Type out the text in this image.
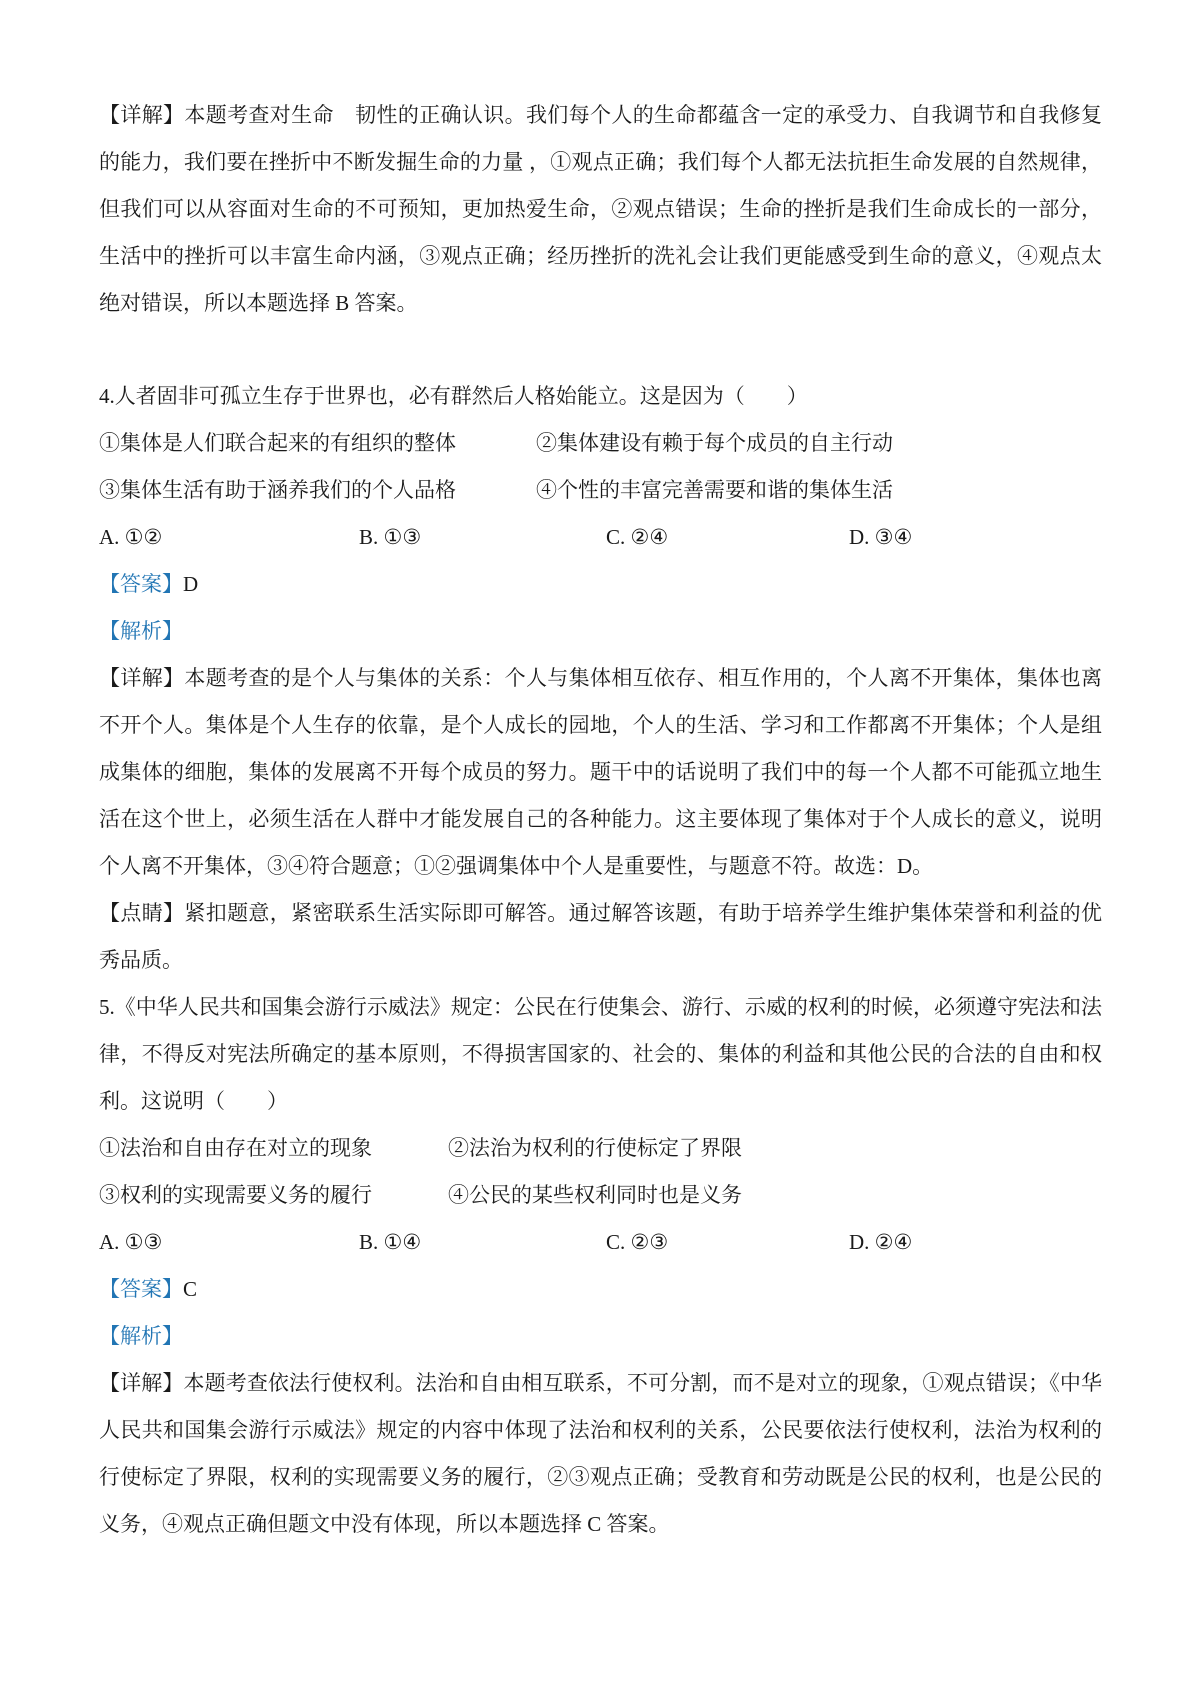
【详解】本题考查对生命　韧性的正确认识。我们每个人的生命都蕴含一定的承受力、自我调节和自我修复的能力，我们要在挫折中不断发掘生命的力量 ，①观点正确；我们每个人都无法抗拒生命发展的自然规律，但我们可以从容面对生命的不可预知，更加热爱生命，②观点错误；生命的挫折是我们生命成长的一部分，生活中的挫折可以丰富生命内涵，③观点正确；经历挫折的洗礼会让我们更能感受到生命的意义，④观点太绝对错误，所以本题选择 B 答案。

4.人者固非可孤立生存于世界也，必有群然后人格始能立。这是因为（　　）

①集体是人们联合起来的有组织的整体	②集体建设有赖于每个成员的自主行动
③集体生活有助于涵养我们的个人品格	④个性的丰富完善需要和谐的集体生活
A. ①②	B. ①③	C. ②④	D. ③④

【答案】D

【解析】

【详解】本题考查的是个人与集体的关系：个人与集体相互依存、相互作用的，个人离不开集体，集体也离不开个人。集体是个人生存的依靠，是个人成长的园地，个人的生活、学习和工作都离不开集体；个人是组成集体的细胞，集体的发展离不开每个成员的努力。题干中的话说明了我们中的每一个人都不可能孤立地生活在这个世上，必须生活在人群中才能发展自己的各种能力。这主要体现了集体对于个人成长的意义，说明个人离不开集体，③④符合题意；①②强调集体中个人是重要性，与题意不符。故选：D。

【点睛】紧扣题意，紧密联系生活实际即可解答。通过解答该题，有助于培养学生维护集体荣誉和利益的优秀品质。

5.《中华人民共和国集会游行示威法》规定：公民在行使集会、游行、示威的权利的时候，必须遵守宪法和法律，不得反对宪法所确定的基本原则，不得损害国家的、社会的、集体的利益和其他公民的合法的自由和权利。这说明（　　）

①法治和自由存在对立的现象	②法治为权利的行使标定了界限
③权利的实现需要义务的履行	④公民的某些权利同时也是义务
A. ①③	B. ①④	C. ②③	D. ②④

【答案】C

【解析】

【详解】本题考查依法行使权利。法治和自由相互联系，不可分割，而不是对立的现象，①观点错误；《中华人民共和国集会游行示威法》规定的内容中体现了法治和权利的关系，公民要依法行使权利，法治为权利的行使标定了界限，权利的实现需要义务的履行，②③观点正确；受教育和劳动既是公民的权利，也是公民的义务，④观点正确但题文中没有体现，所以本题选择 C 答案。
